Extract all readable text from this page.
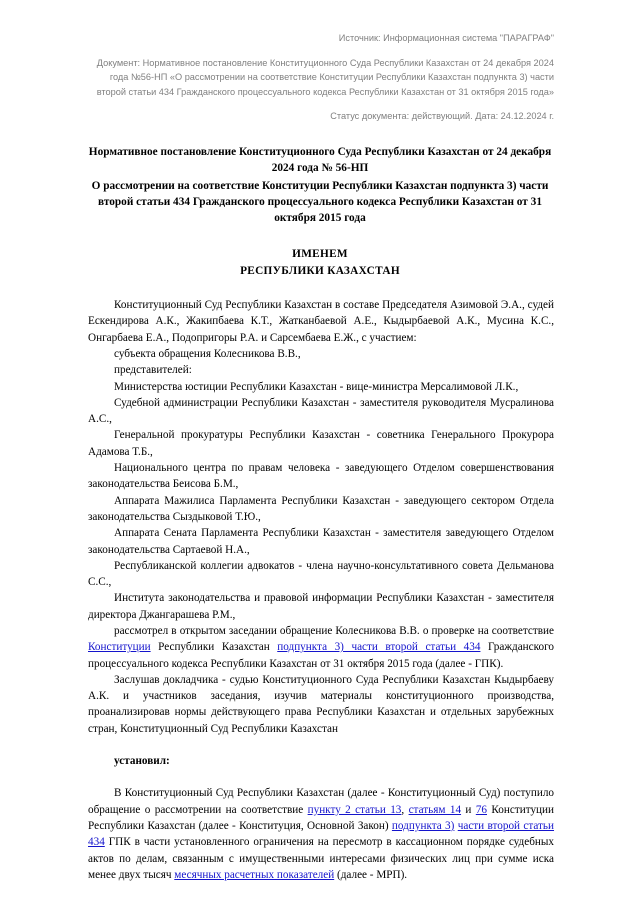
Источник: Информационная система "ПАРАГРАФ"
Документ: Нормативное постановление Конституционного Суда Республики Казахстан от 24 декабря 2024 года №56-НП «О рассмотрении на соответствие Конституции Республики Казахстан подпункта 3) части второй статьи 434 Гражданского процессуального кодекса Республики Казахстан от 31 октября 2015 года»
Статус документа: действующий. Дата: 24.12.2024 г.
Нормативное постановление Конституционного Суда Республики Казахстан от 24 декабря 2024 года № 56-НП
О рассмотрении на соответствие Конституции Республики Казахстан подпункта 3) части второй статьи 434 Гражданского процессуального кодекса Республики Казахстан от 31 октября 2015 года
ИМЕНЕМ
РЕСПУБЛИКИ КАЗАХСТАН

Конституционный Суд Республики Казахстан в составе Председателя Азимовой Э.А., судей Ескендирова А.К., Жакипбаева К.Т., Жатканбаевой А.Е., Кыдырбаевой А.К., Мусина К.С., Онгарбаева Е.А., Подопригоры Р.А. и Сарсембаева Е.Ж., с участием:

субъекта обращения Колесникова В.В.,

представителей:

Министерства юстиции Республики Казахстан - вице-министра Мерсалимовой Л.К.,

Судебной администрации Республики Казахстан - заместителя руководителя Мусралинова А.С.,

Генеральной прокуратуры Республики Казахстан - советника Генерального Прокурора Адамова Т.Б.,

Национального центра по правам человека - заведующего Отделом совершенствования законодательства Беисова Б.М.,

Аппарата Мажилиса Парламента Республики Казахстан - заведующего сектором Отдела законодательства Сыздыковой Т.Ю.,

Аппарата Сената Парламента Республики Казахстан - заместителя заведующего Отделом законодательства Сартаевой Н.А.,

Республиканской коллегии адвокатов - члена научно-консультативного совета Дельманова С.С.,

Института законодательства и правовой информации Республики Казахстан - заместителя директора Джангарашева Р.М.,

рассмотрел в открытом заседании обращение Колесникова В.В. о проверке на соответствие Конституции Республики Казахстан подпункта 3) части второй статьи 434 Гражданского процессуального кодекса Республики Казахстан от 31 октября 2015 года (далее - ГПК).

Заслушав докладчика - судью Конституционного Суда Республики Казахстан Кыдырбаеву А.К. и участников заседания, изучив материалы конституционного производства, проанализировав нормы действующего права Республики Казахстан и отдельных зарубежных стран, Конституционный Суд Республики Казахстан

установил:

В Конституционный Суд Республики Казахстан (далее - Конституционный Суд) поступило обращение о рассмотрении на соответствие пункту 2 статьи 13, статьям 14 и 76 Конституции Республики Казахстан (далее - Конституция, Основной Закон) подпункта 3) части второй статьи 434 ГПК в части установленного ограничения на пересмотр в кассационном порядке судебных актов по делам, связанным с имущественными интересами физических лиц при сумме иска менее двух тысяч месячных расчетных показателей (далее - МРП).
